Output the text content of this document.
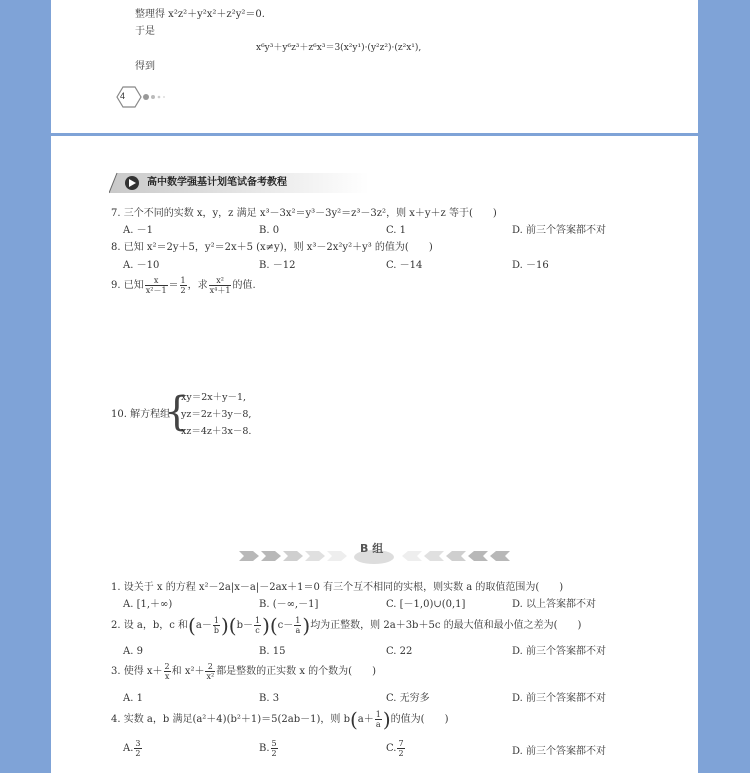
整理得 x²z²＋y²x²＋z²y²＝0.
于是
x⁶y³＋y⁶z³＋z⁶x³＝3(x²y¹)·(y²z²)·(z²x¹),
得到
4
高中数学强基计划笔试备考教程
7. 三个不同的实数 x，y，z 满足 x³－3x²＝y³－3y²＝z³－3z²，则 x＋y＋z 等于(　　)
A. －1	B. 0	C. 1	D. 前三个答案都不对
8. 已知 x²＝2y＋5，y²＝2x＋5 (x≠y)，则 x³－2x²y²＋y³ 的值为(　　)
A. －10	B. －12	C. －14	D. －16
9. 已知 $\frac{x}{\text{x²－1}} = \frac{1}{2}$ ，求 $\frac{\text{x²}}{\text{x⁴＋1}}$ 的值.
10. 解方程组
{
xy＝2x＋y－1,
yz＝2z＋3y－8,
xz＝4z＋3x－8.
B 组
1. 设关于 x 的方程 x²－2a|x－a|－2ax＋1＝0 有三个互不相同的实根，则实数 a 的取值范围为(　　)
A. [1,＋∞)	B. (－∞,－1]	C. [－1,0)∪(0,1]	D. 以上答案都不对
2. 设 a，b，c 和$(a- \frac{1}{b} )(b- \frac{1}{c} )(c- \frac{1}{a}$ )均为正整数，则 2a＋3b＋5c 的最大值和最小值之差为(　　)
A. 9	B. 15	C. 22	D. 前三个答案都不对
3. 使得 $x+ \frac{2}{x}$ 和 $x^2+ \frac{2}{\text{x²}}$ 都是整数的正实数 x 的个数为(　　)
A. 1	B. 3	C. 无穷多	D. 前三个答案都不对
4. 实数 a，b 满足(a²＋4)(b²＋1)＝5(2ab－1)，则 $b(a+ \frac{1}{a}$ )的值为(　　)
A. $\frac{3}{2}$	B. $\frac{5}{2}$	C. $\frac{7}{2}$	D. 前三个答案都不对
